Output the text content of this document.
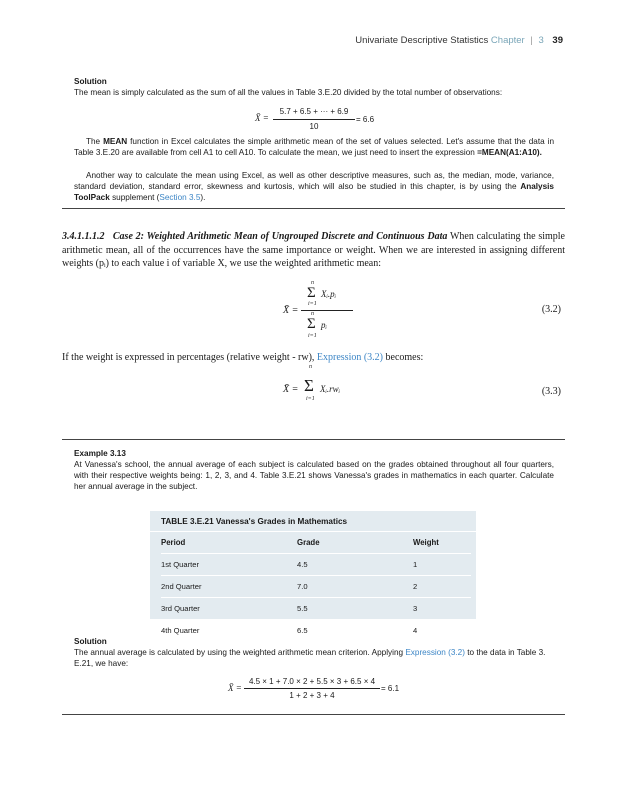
Univariate Descriptive Statistics Chapter | 3 39
Solution
The mean is simply calculated as the sum of all the values in Table 3.E.20 divided by the total number of observations:
X̄ =
5.7 + 6.5 + ··· + 6.9
10
= 6.6
The MEAN function in Excel calculates the simple arithmetic mean of the set of values selected. Let's assume that the data in Table 3.E.20 are available from cell A1 to cell A10. To calculate the mean, we just need to insert the expression =MEAN(A1:A10).
Another way to calculate the mean using Excel, as well as other descriptive measures, such as, the median, mode, variance, standard deviation, standard error, skewness and kurtosis, which will also be studied in this chapter, is by using the Analysis ToolPack supplement (Section 3.5).
3.4.1.1.1.2 Case 2: Weighted Arithmetic Mean of Ungrouped Discrete and Continuous Data When calculating the simple arithmetic mean, all of the occurrences have the same importance or weight. When we are interested in assigning different weights (pᵢ) to each value i of variable X, we use the weighted arithmetic mean:
X̄ =
n
Σ Xᵢ.pᵢ
i=1
n
Σ pᵢ
i=1
(3.2)
If the weight is expressed in percentages (relative weight - rw), Expression (3.2) becomes:
X̄ =
n
Σ Xᵢ.rwᵢ
i=1
(3.3)
Example 3.13
At Vanessa's school, the annual average of each subject is calculated based on the grades obtained throughout all four quarters, with their respective weights being: 1, 2, 3, and 4. Table 3.E.21 shows Vanessa's grades in mathematics in each quarter. Calculate her annual average in the subject.
TABLE 3.E.21 Vanessa's Grades in Mathematics
Period	Grade	Weight
1st Quarter	4.5	1
2nd Quarter	7.0	2
3rd Quarter	5.5	3
4th Quarter	6.5	4
Solution
The annual average is calculated by using the weighted arithmetic mean criterion. Applying Expression (3.2) to the data in Table 3. E.21, we have:
X̄ =
4.5 × 1 + 7.0 × 2 + 5.5 × 3 + 6.5 × 4
1 + 2 + 3 + 4
= 6.1
